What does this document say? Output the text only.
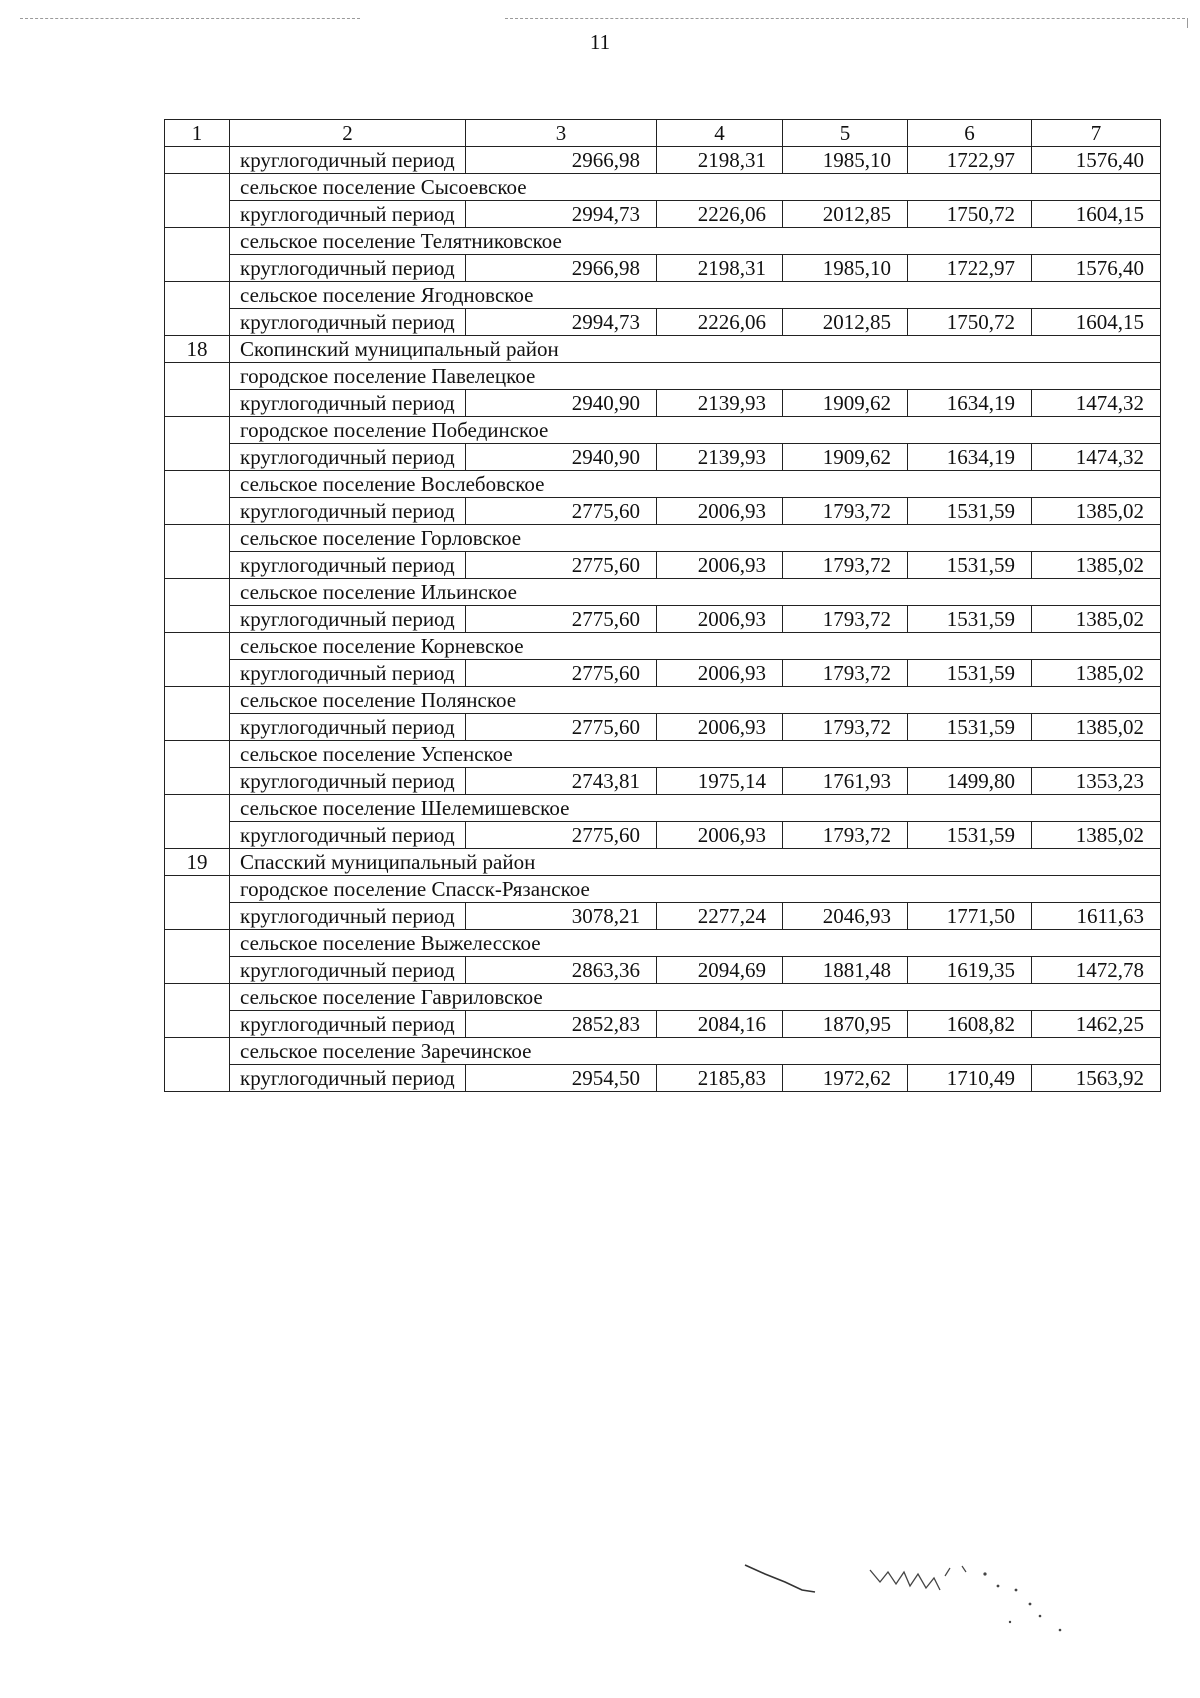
11
1	2	3	4	5	6	7
	круглогодичный период	2966,98	2198,31	1985,10	1722,97	1576,40
	сельское поселение Сысоевское					
	круглогодичный период	2994,73	2226,06	2012,85	1750,72	1604,15
	сельское поселение Телятниковское					
	круглогодичный период	2966,98	2198,31	1985,10	1722,97	1576,40
	сельское поселение Ягодновское					
	круглогодичный период	2994,73	2226,06	2012,85	1750,72	1604,15
18	Скопинский муниципальный район					
	городское поселение Павелецкое					
	круглогодичный период	2940,90	2139,93	1909,62	1634,19	1474,32
	городское поселение Побединское					
	круглогодичный период	2940,90	2139,93	1909,62	1634,19	1474,32
	сельское поселение Вослебовское					
	круглогодичный период	2775,60	2006,93	1793,72	1531,59	1385,02
	сельское поселение Горловское					
	круглогодичный период	2775,60	2006,93	1793,72	1531,59	1385,02
	сельское поселение Ильинское					
	круглогодичный период	2775,60	2006,93	1793,72	1531,59	1385,02
	сельское поселение Корневское					
	круглогодичный период	2775,60	2006,93	1793,72	1531,59	1385,02
	сельское поселение Полянское					
	круглогодичный период	2775,60	2006,93	1793,72	1531,59	1385,02
	сельское поселение Успенское					
	круглогодичный период	2743,81	1975,14	1761,93	1499,80	1353,23
	сельское поселение Шелемишевское					
	круглогодичный период	2775,60	2006,93	1793,72	1531,59	1385,02
19	Спасский муниципальный район					
	городское поселение Спасск-Рязанское					
	круглогодичный период	3078,21	2277,24	2046,93	1771,50	1611,63
	сельское поселение Выжелесское					
	круглогодичный период	2863,36	2094,69	1881,48	1619,35	1472,78
	сельское поселение Гавриловское					
	круглогодичный период	2852,83	2084,16	1870,95	1608,82	1462,25
	сельское поселение Заречинское					
	круглогодичный период	2954,50	2185,83	1972,62	1710,49	1563,92
